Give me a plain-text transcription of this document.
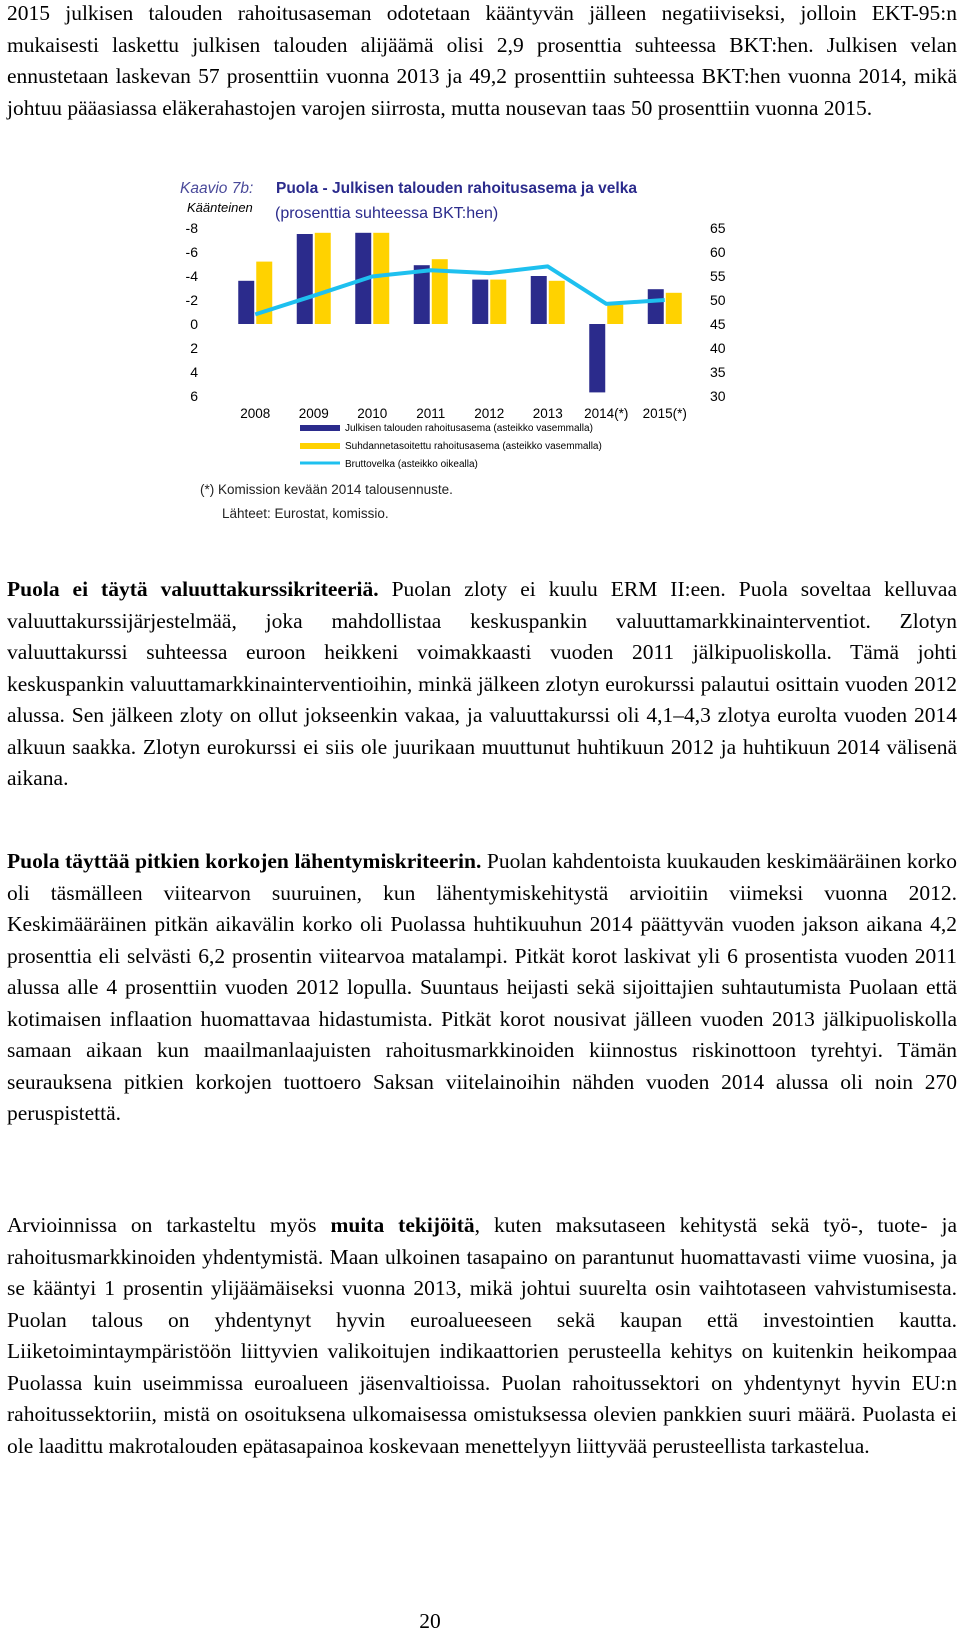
2015 julkisen talouden rahoitusaseman odotetaan kääntyvän jälleen negatiiviseksi, jolloin EKT-95:n mukaisesti laskettu julkisen talouden alijäämä olisi 2,9 prosenttia suhteessa BKT:hen. Julkisen velan ennustetaan laskevan 57 prosenttiin vuonna 2013 ja 49,2 prosenttiin suhteessa BKT:hen vuonna 2014, mikä johtuu pääasiassa eläkerahastojen varojen siirrosta, mutta nousevan taas 50 prosenttiin vuonna 2015.

Kaavio 7b: Puola - Julkisen talouden rahoitusasema ja velka
Käänteinen (prosenttia suhteessa BKT:hen)
-8
-6
-4
-2
0
2
4
6
65
60
55
50
45
40
35
30
2008 2009 2010 2011 2012 2013 2014(*) 2015(*)
Julkisen talouden rahoitusasema (asteikko vasemmalla)
Suhdannetasoitettu rahoitusasema (asteikko vasemmalla)
Bruttovelka (asteikko oikealla)
(*) Komission kevään 2014 talousennuste.
Lähteet: Eurostat, komissio.

Puola ei täytä valuuttakurssikriteeriä. Puolan zloty ei kuulu ERM II:een. Puola soveltaa kelluvaa valuuttakurssijärjestelmää, joka mahdollistaa keskuspankin valuuttamarkkinainterventiot. Zlotyn valuuttakurssi suhteessa euroon heikkeni voimakkaasti vuoden 2011 jälkipuoliskolla. Tämä johti keskuspankin valuuttamarkkinainterventioihin, minkä jälkeen zlotyn eurokurssi palautui osittain vuoden 2012 alussa. Sen jälkeen zloty on ollut jokseenkin vakaa, ja valuuttakurssi oli 4,1–4,3 zlotya eurolta vuoden 2014 alkuun saakka. Zlotyn eurokurssi ei siis ole juurikaan muuttunut huhtikuun 2012 ja huhtikuun 2014 välisenä aikana.

Puola täyttää pitkien korkojen lähentymiskriteerin. Puolan kahdentoista kuukauden keskimääräinen korko oli täsmälleen viitearvon suuruinen, kun lähentymiskehitystä arvioitiin viimeksi vuonna 2012. Keskimääräinen pitkän aikavälin korko oli Puolassa huhtikuuhun 2014 päättyvän vuoden jakson aikana 4,2 prosenttia eli selvästi 6,2 prosentin viitearvoa matalampi. Pitkät korot laskivat yli 6 prosentista vuoden 2011 alussa alle 4 prosenttiin vuoden 2012 lopulla. Suuntaus heijasti sekä sijoittajien suhtautumista Puolaan että kotimaisen inflaation huomattavaa hidastumista. Pitkät korot nousivat jälleen vuoden 2013 jälkipuoliskolla samaan aikaan kun maailmanlaajuisten rahoitusmarkkinoiden kiinnostus riskinottoon tyrehtyi. Tämän seurauksena pitkien korkojen tuottoero Saksan viitelainoihin nähden vuoden 2014 alussa oli noin 270 peruspistettä.

Arvioinnissa on tarkasteltu myös muita tekijöitä, kuten maksutaseen kehitystä sekä työ-, tuote- ja rahoitusmarkkinoiden yhdentymistä. Maan ulkoinen tasapaino on parantunut huomattavasti viime vuosina, ja se kääntyi 1 prosentin ylijäämäiseksi vuonna 2013, mikä johtui suurelta osin vaihtotaseen vahvistumisesta. Puolan talous on yhdentynyt hyvin euroalueeseen sekä kaupan että investointien kautta. Liiketoimintaympäristöön liittyvien valikoitujen indikaattorien perusteella kehitys on kuitenkin heikompaa Puolassa kuin useimmissa euroalueen jäsenvaltioissa. Puolan rahoitussektori on yhdentynyt hyvin EU:n rahoitussektoriin, mistä on osoituksena ulkomaisessa omistuksessa olevien pankkien suuri määrä. Puolasta ei ole laadittu makrotalouden epätasapainoa koskevaan menettelyyn liittyvää perusteellista tarkastelua.

20
